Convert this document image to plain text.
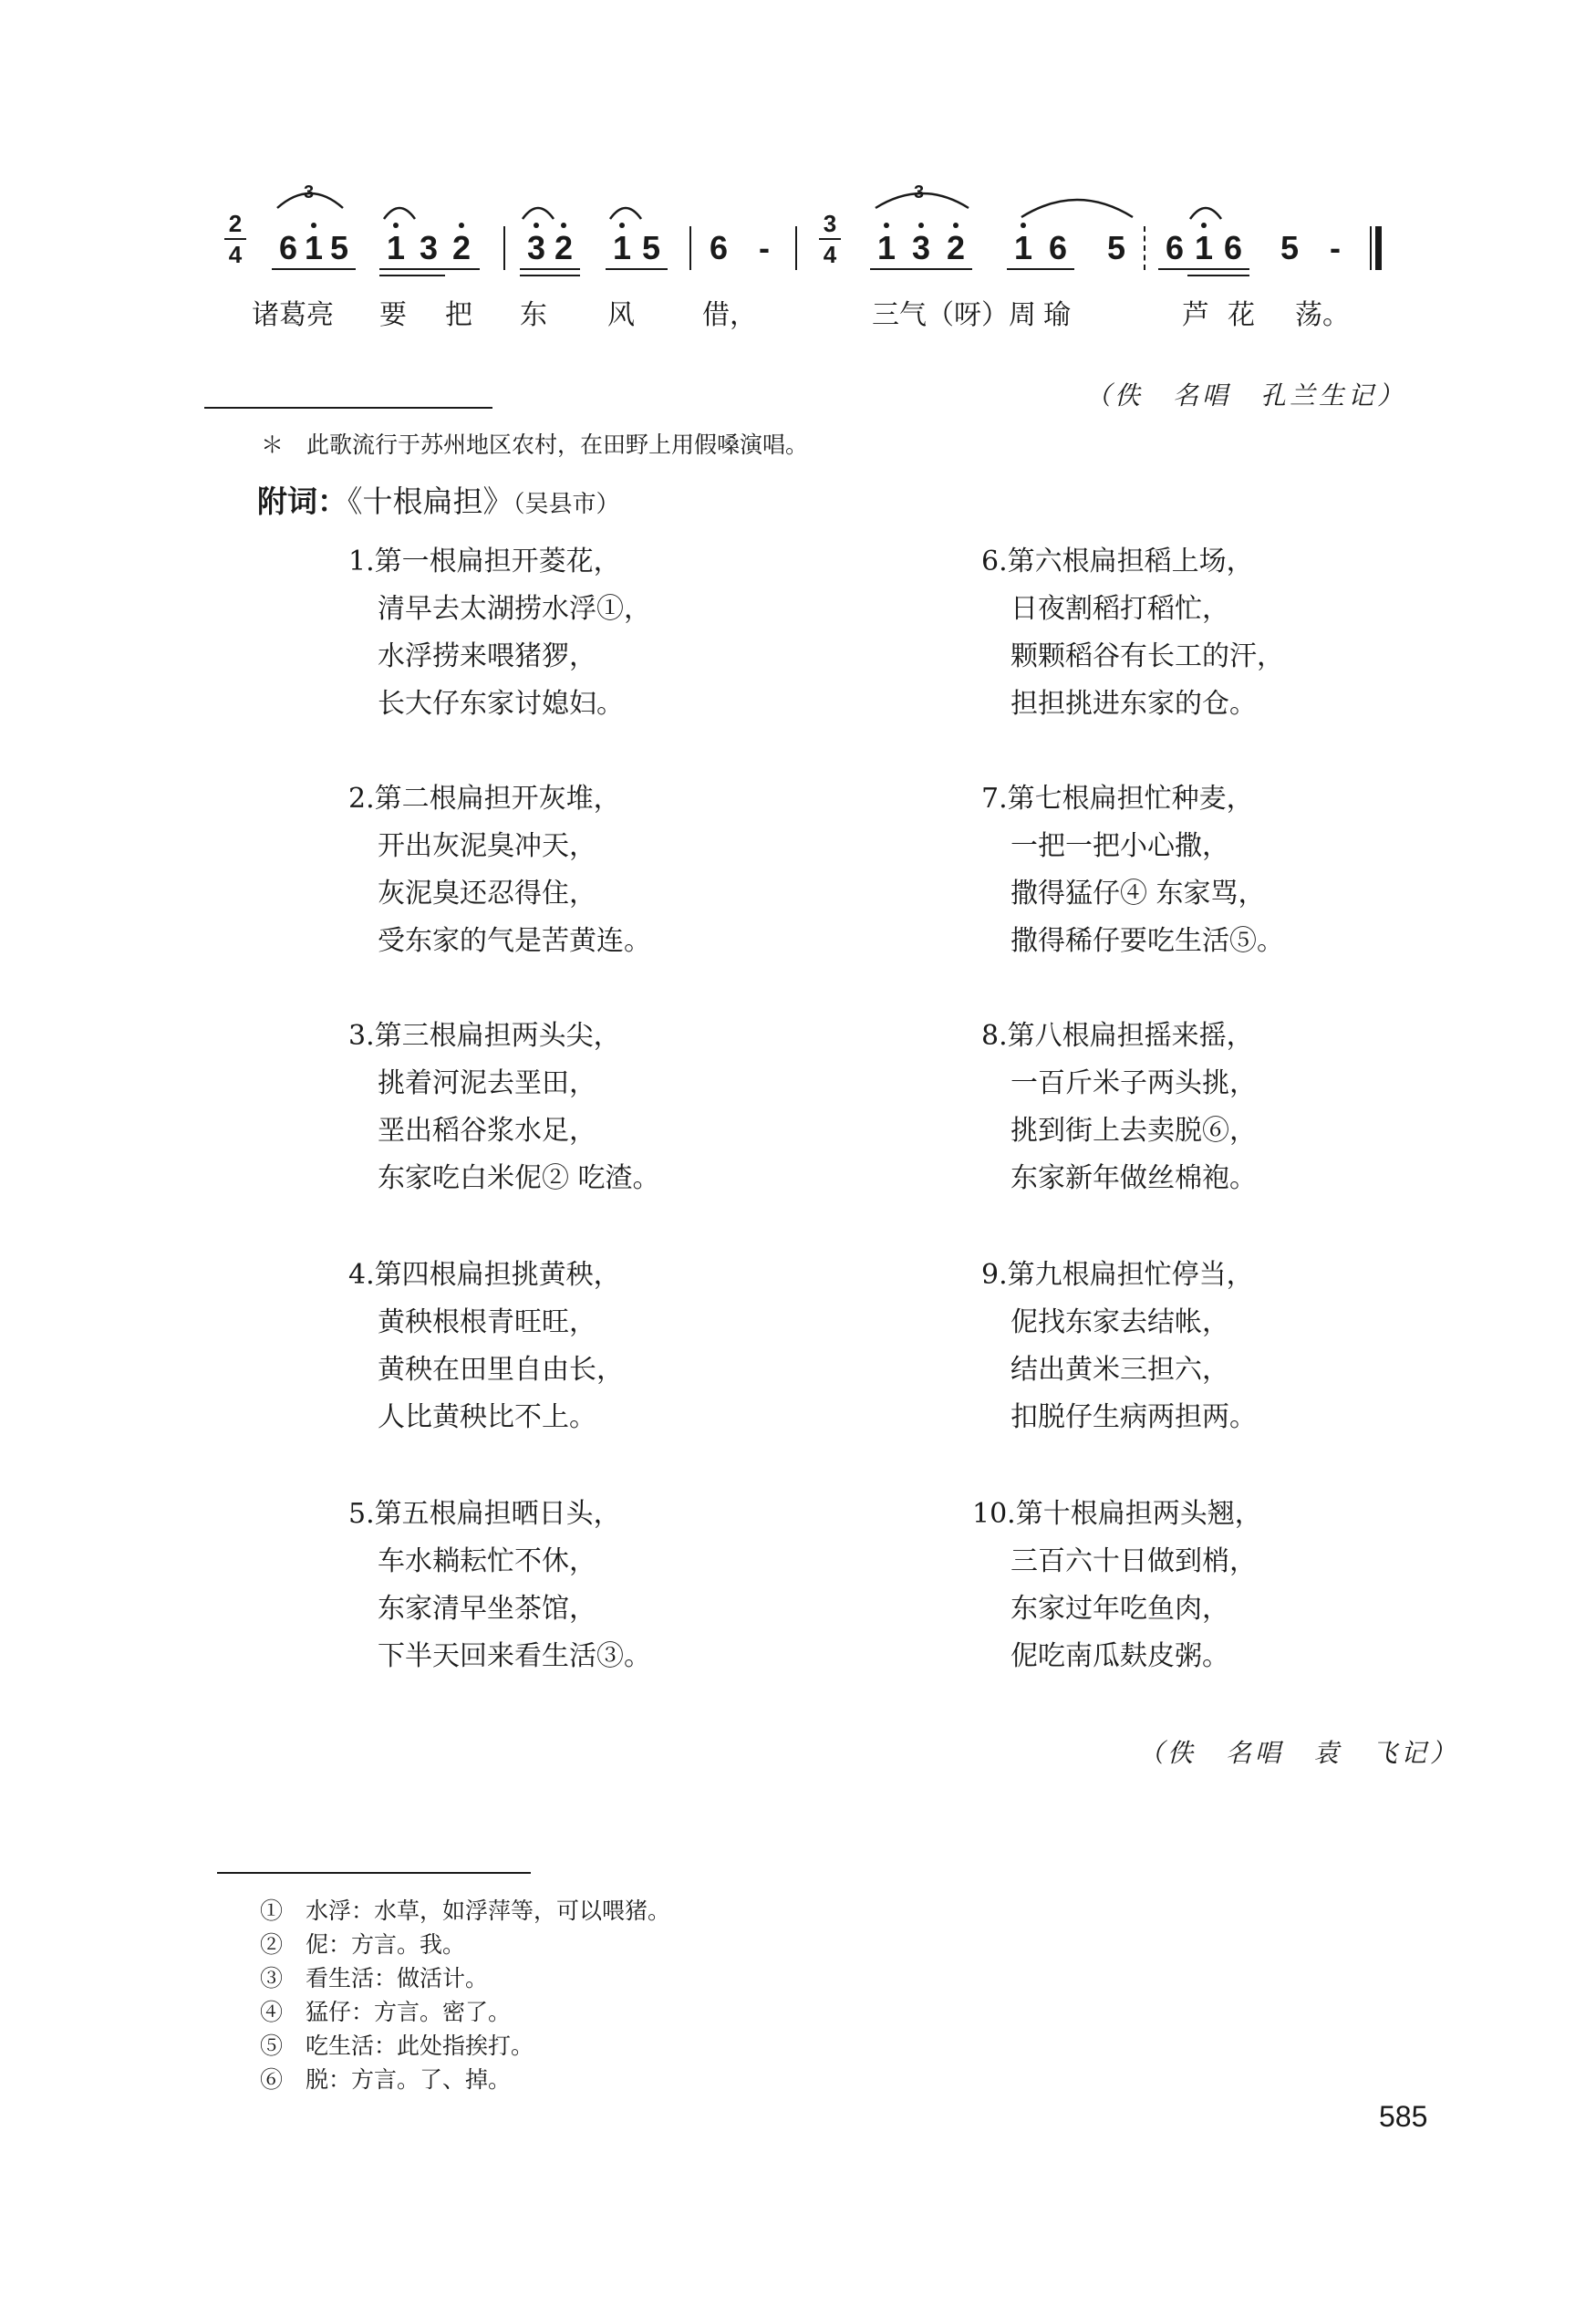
2
4
3
6 1 5 1 3 2 3 2 1 5 6 -
3
4
3
1 3 2 1 6 5 6 1 6 5 -
诸葛亮 要 把 东 风 借，	三气（呀）周 瑜	芦 花 荡。
（佚　名唱　孔兰生记）
＊　此歌流行于苏州地区农村，在田野上用假嗓演唱。
附词：《十根扁担》（吴县市）
1.第一根扁担开菱花，
清早去太湖捞水浮①，
水浮捞来喂猪猡，
长大仔东家讨媳妇。
2.第二根扁担开灰堆，
开出灰泥臭冲天，
灰泥臭还忍得住，
受东家的气是苦黄连。
3.第三根扁担两头尖，
挑着河泥去垩田，
垩出稻谷浆水足，
东家吃白米伲② 吃渣。
4.第四根扁担挑黄秧，
黄秧根根青旺旺，
黄秧在田里自由长，
人比黄秧比不上。
5.第五根扁担晒日头，
车水耥耘忙不休，
东家清早坐茶馆，
下半天回来看生活③。
6.第六根扁担稻上场，
日夜割稻打稻忙，
颗颗稻谷有长工的汗，
担担挑进东家的仓。
7.第七根扁担忙种麦，
一把一把小心撒，
撒得猛仔④ 东家骂，
撒得稀仔要吃生活⑤。
8.第八根扁担摇来摇，
一百斤米子两头挑，
挑到街上去卖脱⑥，
东家新年做丝棉袍。
9.第九根扁担忙停当，
伲找东家去结帐，
结出黄米三担六，
扣脱仔生病两担两。
10.第十根扁担两头翘，
三百六十日做到梢，
东家过年吃鱼肉，
伲吃南瓜麸皮粥。
（佚　名唱　袁　飞记）
①　水浮：水草，如浮萍等，可以喂猪。
②　伲：方言。我。
③　看生活：做活计。
④　猛仔：方言。密了。
⑤　吃生活：此处指挨打。
⑥　脱：方言。了、掉。
585
